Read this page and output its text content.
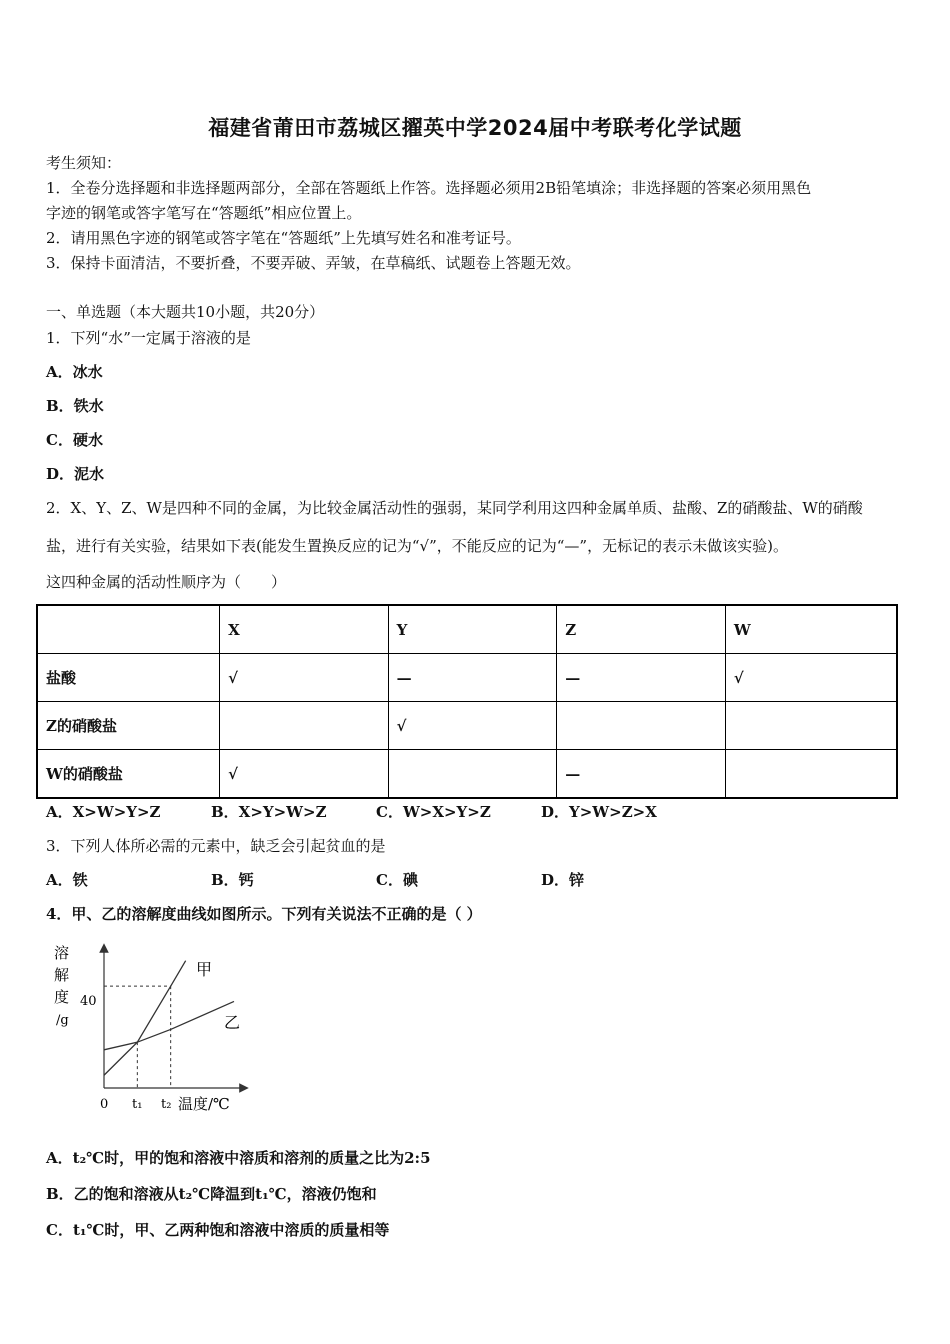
福建省莆田市荔城区擢英中学2024届中考联考化学试题
考生须知：
1．全卷分选择题和非选择题两部分，全部在答题纸上作答。选择题必须用2B铅笔填涂；非选择题的答案必须用黑色
字迹的钢笔或答字笔写在“答题纸”相应位置上。
2．请用黑色字迹的钢笔或答字笔在“答题纸”上先填写姓名和准考证号。
3．保持卡面清洁，不要折叠，不要弄破、弄皱，在草稿纸、试题卷上答题无效。
一、单选题（本大题共10小题，共20分）
1．下列“水”一定属于溶液的是
A．冰水
B．铁水
C．硬水
D．泥水
2．X、Y、Z、W是四种不同的金属，为比较金属活动性的强弱，某同学利用这四种金属单质、盐酸、Z的硝酸盐、W的硝酸
盐，进行有关实验，结果如下表(能发生置换反应的记为“√”，不能反应的记为“—”，无标记的表示未做该实验)。
这四种金属的活动性顺序为（　　）
	X	Y	Z	W
盐酸	√	—	—	√
Z的硝酸盐		√		
W的硝酸盐	√		—	
A．X>W>Y>Z	B．X>Y>W>Z	C．W>X>Y>Z	D．Y>W>Z>X
3．下列人体所必需的元素中，缺乏会引起贫血的是
A．铁	B．钙	C．碘	D．锌
4．甲、乙的溶解度曲线如图所示。下列有关说法不正确的是（ ）
溶
解
度
/g
40
0 t₁ t₂ 温度/℃
甲
乙
A．t₂℃时，甲的饱和溶液中溶质和溶剂的质量之比为2:5
B．乙的饱和溶液从t₂℃降温到t₁℃，溶液仍饱和
C．t₁℃时，甲、乙两种饱和溶液中溶质的质量相等
